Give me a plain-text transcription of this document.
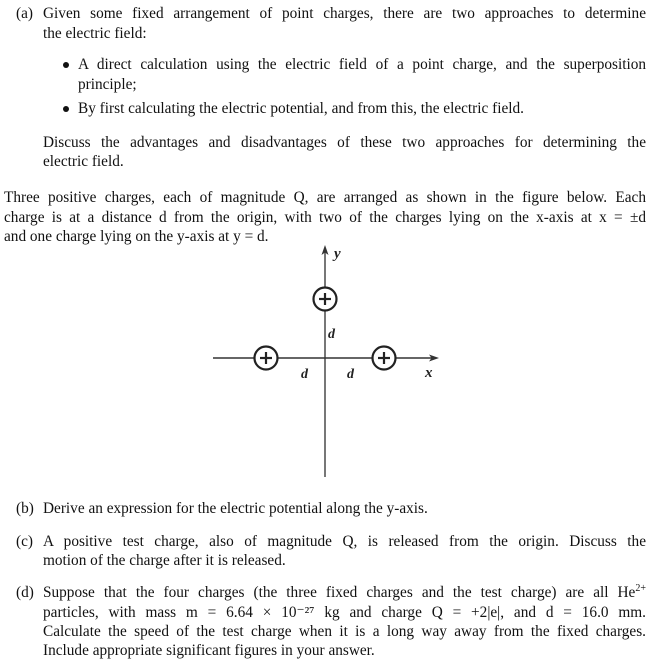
(a) Given some fixed arrangement of point charges, there are two approaches to determine
the electric field:
A direct calculation using the electric field of a point charge, and the superposition
principle;
By first calculating the electric potential, and from this, the electric field.
Discuss the advantages and disadvantages of these two approaches for determining the
electric field.
Three positive charges, each of magnitude Q, are arranged as shown in the figure below. Each
charge is at a distance d from the origin, with two of the charges lying on the x-axis at x = ±d
and one charge lying on the y-axis at y = d.
y
x
d
d	d
(b) Derive an expression for the electric potential along the y-axis.
(c) A positive test charge, also of magnitude Q, is released from the origin. Discuss the
motion of the charge after it is released.
(d) Suppose that the four charges (the three fixed charges and the test charge) are all $He^{2+}$
particles, with mass m = 6.64 × 10⁻²⁷ kg and charge Q = +2|e|, and d = 16.0 mm.
Calculate the speed of the test charge when it is a long way away from the fixed charges.
Include appropriate significant figures in your answer.
